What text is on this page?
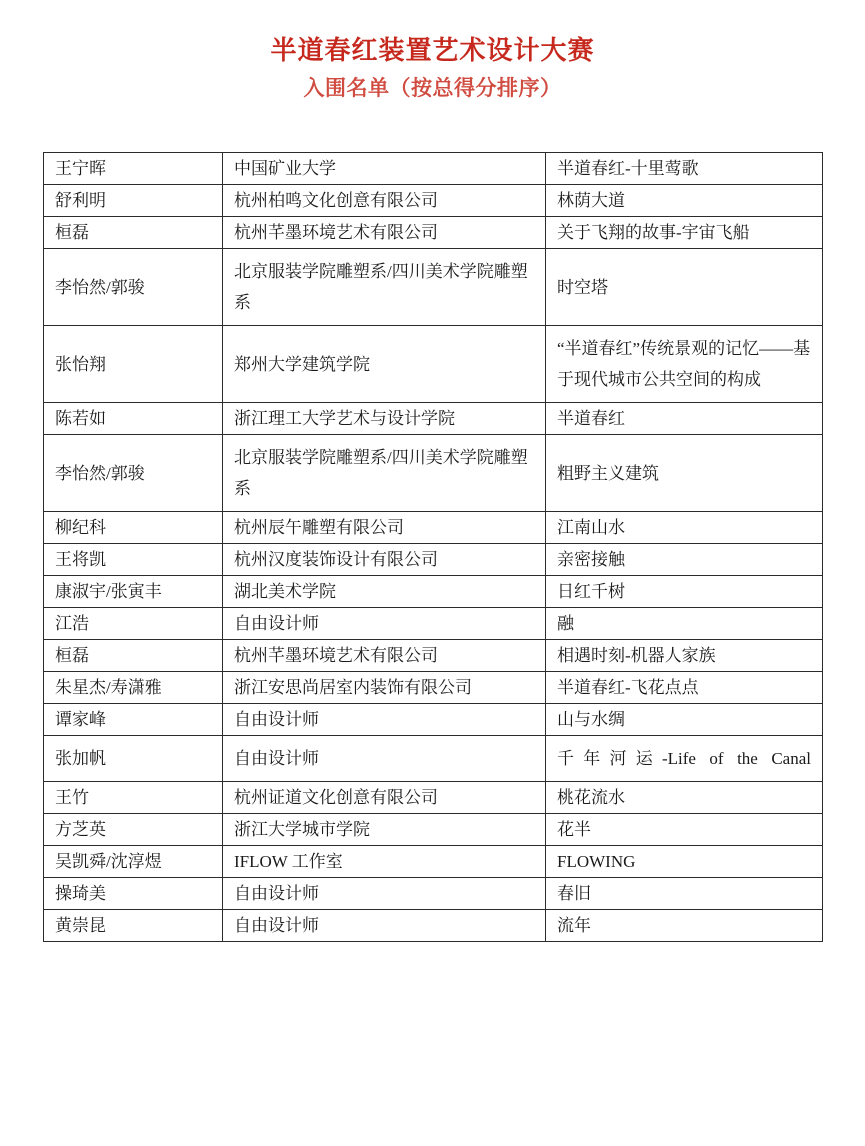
半道春红装置艺术设计大赛
入围名单（按总得分排序）
王宁晖	中国矿业大学	半道春红-十里莺歌
舒利明	杭州柏鸣文化创意有限公司	林荫大道
桓磊	杭州芊墨环境艺术有限公司	关于飞翔的故事-宇宙飞船
李怡然/郭骏	北京服装学院雕塑系/四川美术学院雕塑系	时空塔
张怡翔	郑州大学建筑学院	“半道春红”传统景观的记忆——基于现代城市公共空间的构成
陈若如	浙江理工大学艺术与设计学院	半道春红
李怡然/郭骏	北京服装学院雕塑系/四川美术学院雕塑系	粗野主义建筑
柳纪科	杭州辰午雕塑有限公司	江南山水
王将凯	杭州汉度装饰设计有限公司	亲密接触
康淑宇/张寅丰	湖北美术学院	日红千树
江浩	自由设计师	融
桓磊	杭州芊墨环境艺术有限公司	相遇时刻-机器人家族
朱星杰/寿潇雅	浙江安思尚居室内装饰有限公司	半道春红-飞花点点
谭家峰	自由设计师	山与水绸
张加帆	自由设计师	千年河运-Life of the Canal

王竹	杭州证道文化创意有限公司	桃花流水
方芝英	浙江大学城市学院	花半
吴凯舜/沈淳煜	IFLOW 工作室	FLOWING
操琦美	自由设计师	春旧
黄崇昆	自由设计师	流年
